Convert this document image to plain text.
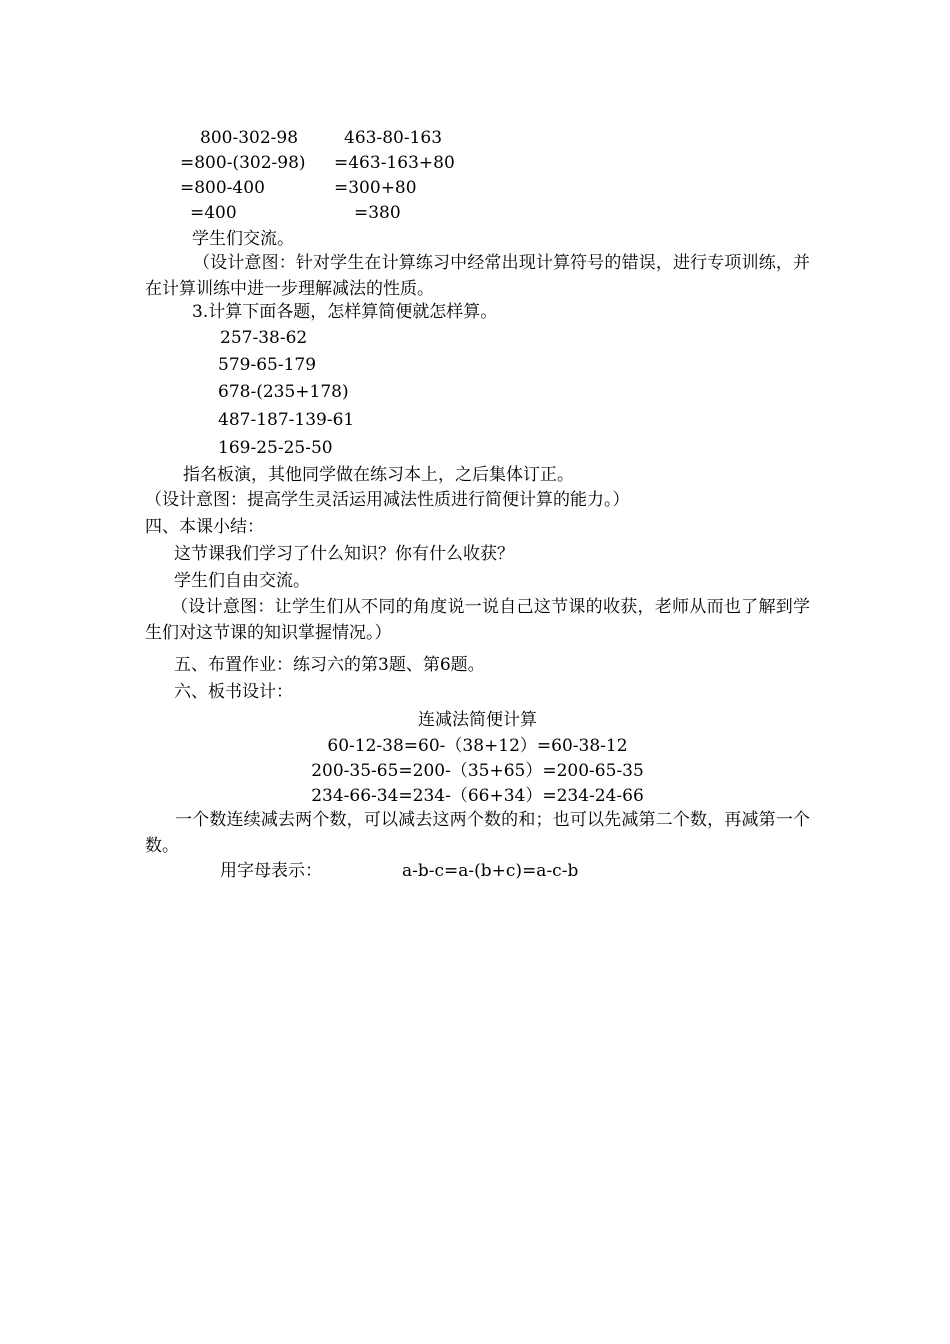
800-302-98
=800-(302-98)
=800-400
=400
463-80-163
=463-163+80
=300+80
=380
学生们交流。
（设计意图：针对学生在计算练习中经常出现计算符号的错误，进行专项训练，并在计算训练中进一步理解减法的性质。
3.计算下面各题，怎样算简便就怎样算。
257-38-62
579-65-179
678-(235+178)
487-187-139-61
169-25-25-50
指名板演，其他同学做在练习本上，之后集体订正。
（设计意图：提高学生灵活运用减法性质进行简便计算的能力。）
四、本课小结：
这节课我们学习了什么知识？你有什么收获？
学生们自由交流。
（设计意图：让学生们从不同的角度说一说自己这节课的收获，老师从而也了解到学生们对这节课的知识掌握情况。）
五、布置作业：练习六的第3题、第6题。
六、板书设计：
连减法简便计算
60-12-38=60-（38+12）=60-38-12
200-35-65=200-（35+65）=200-65-35
234-66-34=234-（66+34）=234-24-66
一个数连续减去两个数，可以减去这两个数的和；也可以先减第二个数，再减第一个数。
用字母表示：	a-b-c=a-(b+c)=a-c-b
